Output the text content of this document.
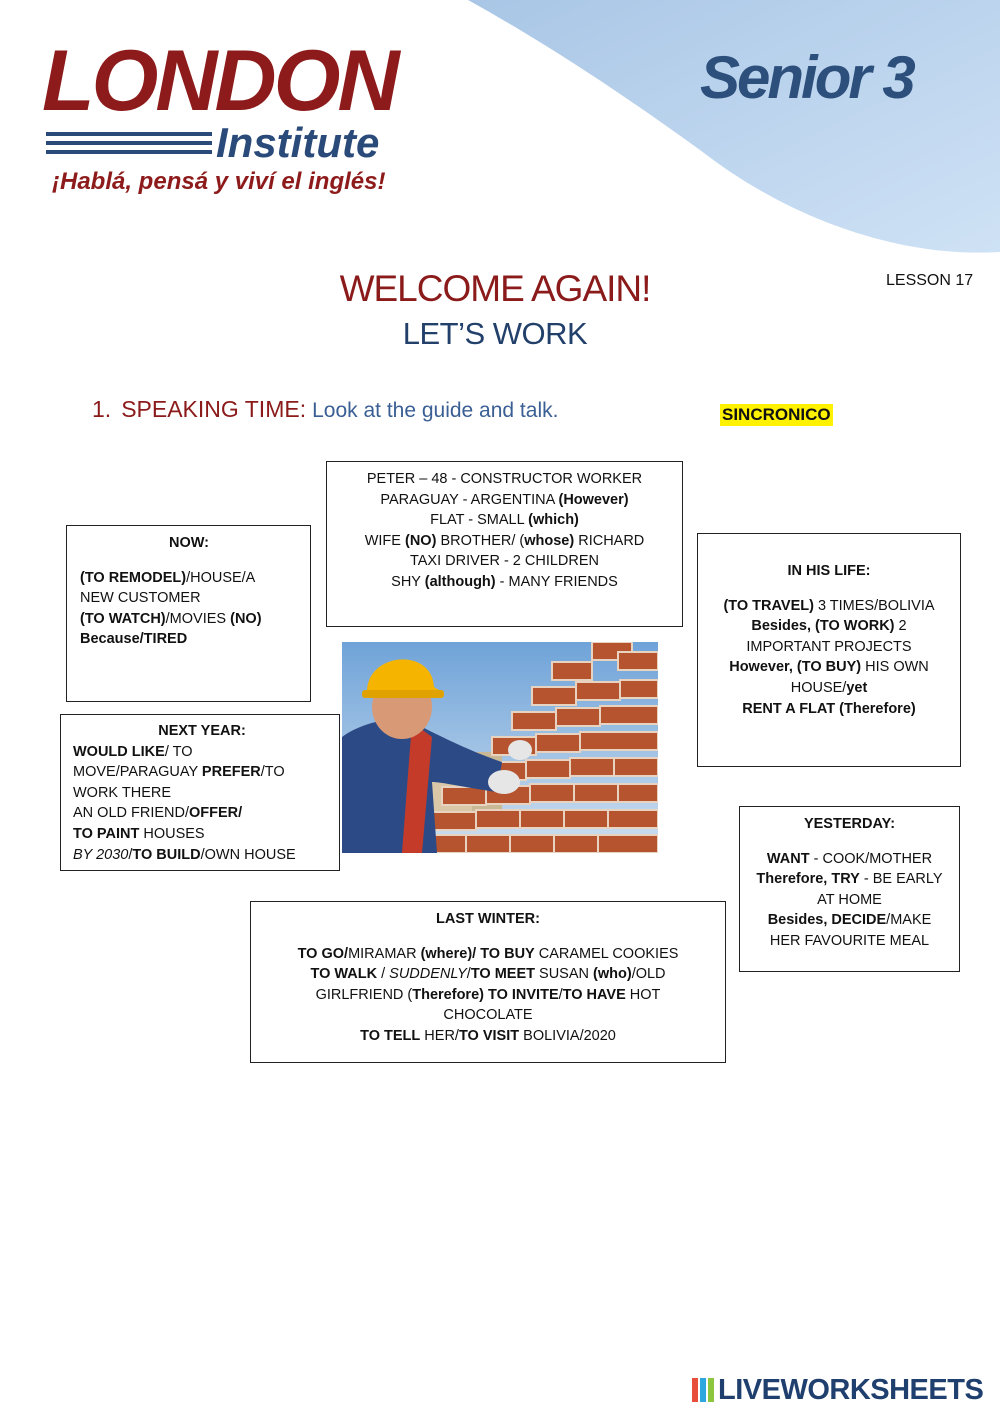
LONDON
Institute
¡Hablá, pensá y viví el inglés!
Senior 3
WELCOME AGAIN!
LET’S WORK
LESSON 17
1. SPEAKING TIME: Look at the guide and talk.	SINCRONICO
PETER – 48 - CONSTRUCTOR WORKER
PARAGUAY - ARGENTINA (However)
FLAT - SMALL (which)
WIFE (NO) BROTHER/ (whose) RICHARD
TAXI DRIVER - 2 CHILDREN
SHY (although) - MANY FRIENDS
NOW:
(TO REMODEL)/HOUSE/A
NEW CUSTOMER
(TO WATCH)/MOVIES (NO)
Because/TIRED
IN HIS LIFE:
(TO TRAVEL) 3 TIMES/BOLIVIA
Besides, (TO WORK) 2
IMPORTANT PROJECTS
However, (TO BUY) HIS OWN
HOUSE/yet
RENT A FLAT (Therefore)
NEXT YEAR:
WOULD LIKE/ TO
MOVE/PARAGUAY PREFER/TO
WORK THERE
AN OLD FRIEND/OFFER/
TO PAINT HOUSES
BY 2030/TO BUILD/OWN HOUSE
YESTERDAY:
WANT - COOK/MOTHER
Therefore, TRY - BE EARLY
AT HOME
Besides, DECIDE/MAKE
HER FAVOURITE MEAL
LAST WINTER:
TO GO/MIRAMAR (where)/ TO BUY CARAMEL COOKIES
TO WALK / SUDDENLY/TO MEET SUSAN (who)/OLD
GIRLFRIEND (Therefore) TO INVITE/TO HAVE HOT
CHOCOLATE
TO TELL HER/TO VISIT BOLIVIA/2020
LIVEWORKSHEETS
